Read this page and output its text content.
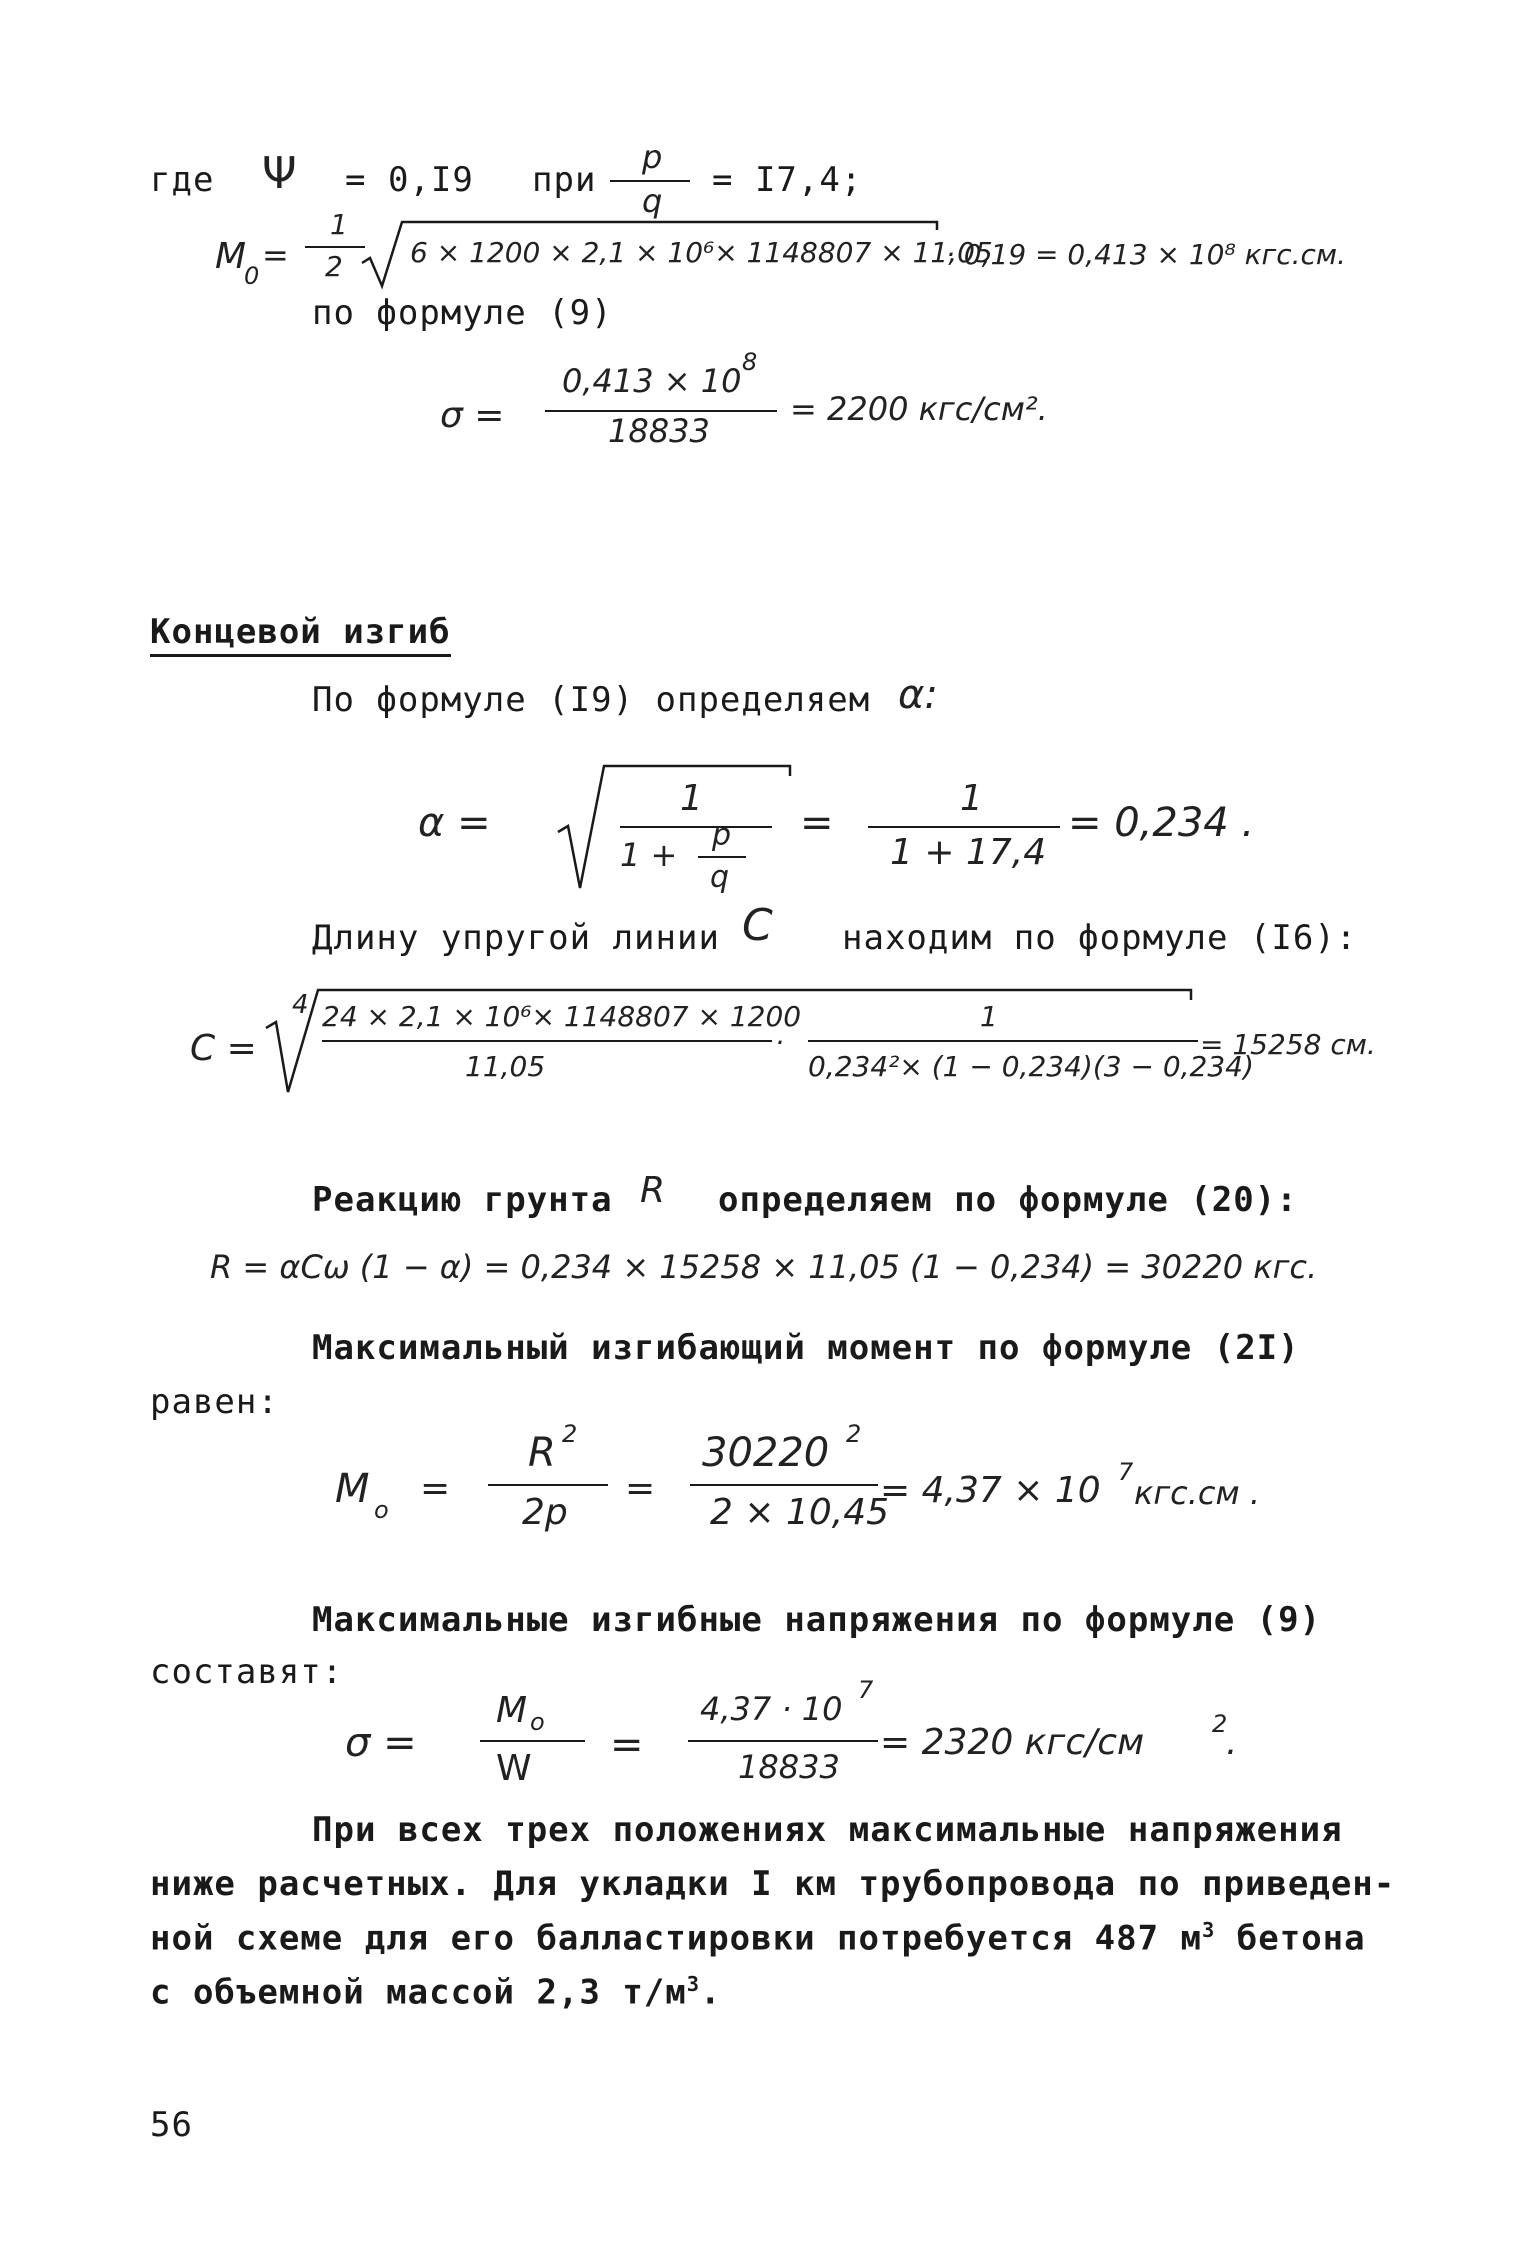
где Ψ = 0,I9 при
p
q
= I7,4;
M
0
=
1
2 6 × 1200 × 2,1 × 10⁶× 1148807 × 11,05
· 0,19 = 0,413 × 10⁸ кгс.см.
по формуле (9)
σ =
0,413 × 10 8
18833
= 2200 кгс/см².
Концевой изгиб
По формуле (I9) определяем α:
α =
1
1 +
p
q
=
1
1 + 17,4
= 0,234 .
Длину упругой линии C находим по формуле (I6):
C =
4 24 × 2,1 × 10⁶× 1148807 × 1200
11,05
·
1
0,234²× (1 − 0,234)(3 − 0,234)
= 15258 см.
Реакцию грунта R определяем по формуле (20):
R = αCω (1 − α) = 0,234 × 15258 × 11,05 (1 − 0,234) = 30220 кгс.
Максимальный изгибающий момент по формуле (2I)
равен:
M o
=
R 2
2p
=
30220 2
2 × 10,45
= 4,37 × 10 7
кгс.см .
Максимальные изгибные напряжения по формуле (9)
составят:
σ =
M o
W
=
4,37 · 10 7
18833
= 2320 кгс/см	2
.
При всех трех положениях максимальные напряжения
ниже расчетных. Для укладки I км трубопровода по приведен-
ной схеме для его балластировки потребуется 487 $м^3$ бетона
с объемной массой 2,3 $т/м^3$.
56
